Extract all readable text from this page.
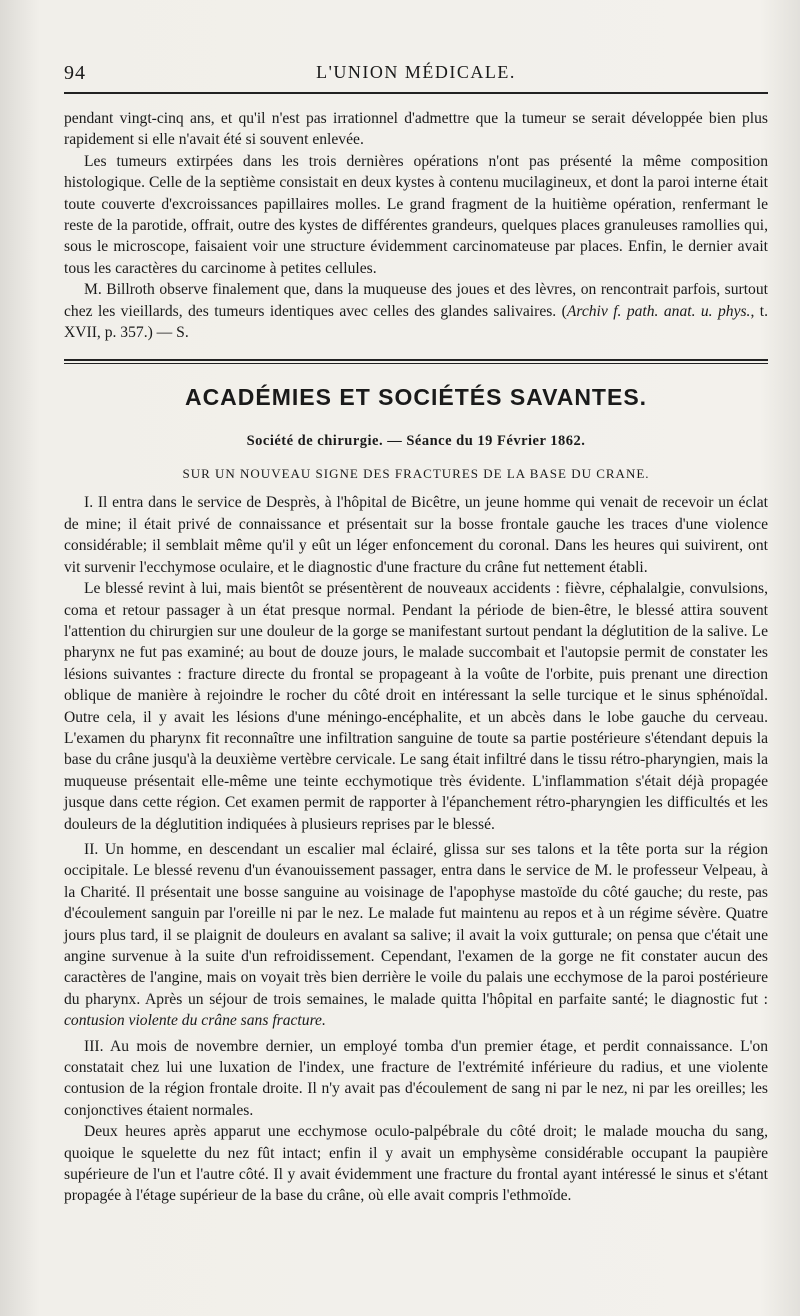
94	L'UNION MÉDICALE.

pendant vingt-cinq ans, et qu'il n'est pas irrationnel d'admettre que la tumeur se serait développée bien plus rapidement si elle n'avait été si souvent enlevée.

Les tumeurs extirpées dans les trois dernières opérations n'ont pas présenté la même composition histologique. Celle de la septième consistait en deux kystes à contenu mucilagineux, et dont la paroi interne était toute couverte d'excroissances papillaires molles. Le grand fragment de la huitième opération, renfermant le reste de la parotide, offrait, outre des kystes de différentes grandeurs, quelques places granuleuses ramollies qui, sous le microscope, faisaient voir une structure évidemment carcinomateuse par places. Enfin, le dernier avait tous les caractères du carcinome à petites cellules.

M. Billroth observe finalement que, dans la muqueuse des joues et des lèvres, on rencontrait parfois, surtout chez les vieillards, des tumeurs identiques avec celles des glandes salivaires. (Archiv f. path. anat. u. phys., t. XVII, p. 357.) — S.

ACADÉMIES ET SOCIÉTÉS SAVANTES.
Société de chirurgie. — Séance du 19 Février 1862.
SUR UN NOUVEAU SIGNE DES FRACTURES DE LA BASE DU CRANE.

I. Il entra dans le service de Desprès, à l'hôpital de Bicêtre, un jeune homme qui venait de recevoir un éclat de mine; il était privé de connaissance et présentait sur la bosse frontale gauche les traces d'une violence considérable; il semblait même qu'il y eût un léger enfoncement du coronal. Dans les heures qui suivirent, ont vit survenir l'ecchymose oculaire, et le diagnostic d'une fracture du crâne fut nettement établi.

Le blessé revint à lui, mais bientôt se présentèrent de nouveaux accidents : fièvre, céphalalgie, convulsions, coma et retour passager à un état presque normal. Pendant la période de bien-être, le blessé attira souvent l'attention du chirurgien sur une douleur de la gorge se manifestant surtout pendant la déglutition de la salive. Le pharynx ne fut pas examiné; au bout de douze jours, le malade succombait et l'autopsie permit de constater les lésions suivantes : fracture directe du frontal se propageant à la voûte de l'orbite, puis prenant une direction oblique de manière à rejoindre le rocher du côté droit en intéressant la selle turcique et le sinus sphénoïdal. Outre cela, il y avait les lésions d'une méningo-encéphalite, et un abcès dans le lobe gauche du cerveau. L'examen du pharynx fit reconnaître une infiltration sanguine de toute sa partie postérieure s'étendant depuis la base du crâne jusqu'à la deuxième vertèbre cervicale. Le sang était infiltré dans le tissu rétro-pharyngien, mais la muqueuse présentait elle-même une teinte ecchymotique très évidente. L'inflammation s'était déjà propagée jusque dans cette région. Cet examen permit de rapporter à l'épanchement rétro-pharyngien les difficultés et les douleurs de la déglutition indiquées à plusieurs reprises par le blessé.

II. Un homme, en descendant un escalier mal éclairé, glissa sur ses talons et la tête porta sur la région occipitale. Le blessé revenu d'un évanouissement passager, entra dans le service de M. le professeur Velpeau, à la Charité. Il présentait une bosse sanguine au voisinage de l'apophyse mastoïde du côté gauche; du reste, pas d'écoulement sanguin par l'oreille ni par le nez. Le malade fut maintenu au repos et à un régime sévère. Quatre jours plus tard, il se plaignit de douleurs en avalant sa salive; il avait la voix gutturale; on pensa que c'était une angine survenue à la suite d'un refroidissement. Cependant, l'examen de la gorge ne fit constater aucun des caractères de l'angine, mais on voyait très bien derrière le voile du palais une ecchymose de la paroi postérieure du pharynx. Après un séjour de trois semaines, le malade quitta l'hôpital en parfaite santé; le diagnostic fut : contusion violente du crâne sans fracture.

III. Au mois de novembre dernier, un employé tomba d'un premier étage, et perdit connaissance. L'on constatait chez lui une luxation de l'index, une fracture de l'extrémité inférieure du radius, et une violente contusion de la région frontale droite. Il n'y avait pas d'écoulement de sang ni par le nez, ni par les oreilles; les conjonctives étaient normales.

Deux heures après apparut une ecchymose oculo-palpébrale du côté droit; le malade moucha du sang, quoique le squelette du nez fût intact; enfin il y avait un emphysème considérable occupant la paupière supérieure de l'un et l'autre côté. Il y avait évidemment une fracture du frontal ayant intéressé le sinus et s'étant propagée à l'étage supérieur de la base du crâne, où elle avait compris l'ethmoïde.
